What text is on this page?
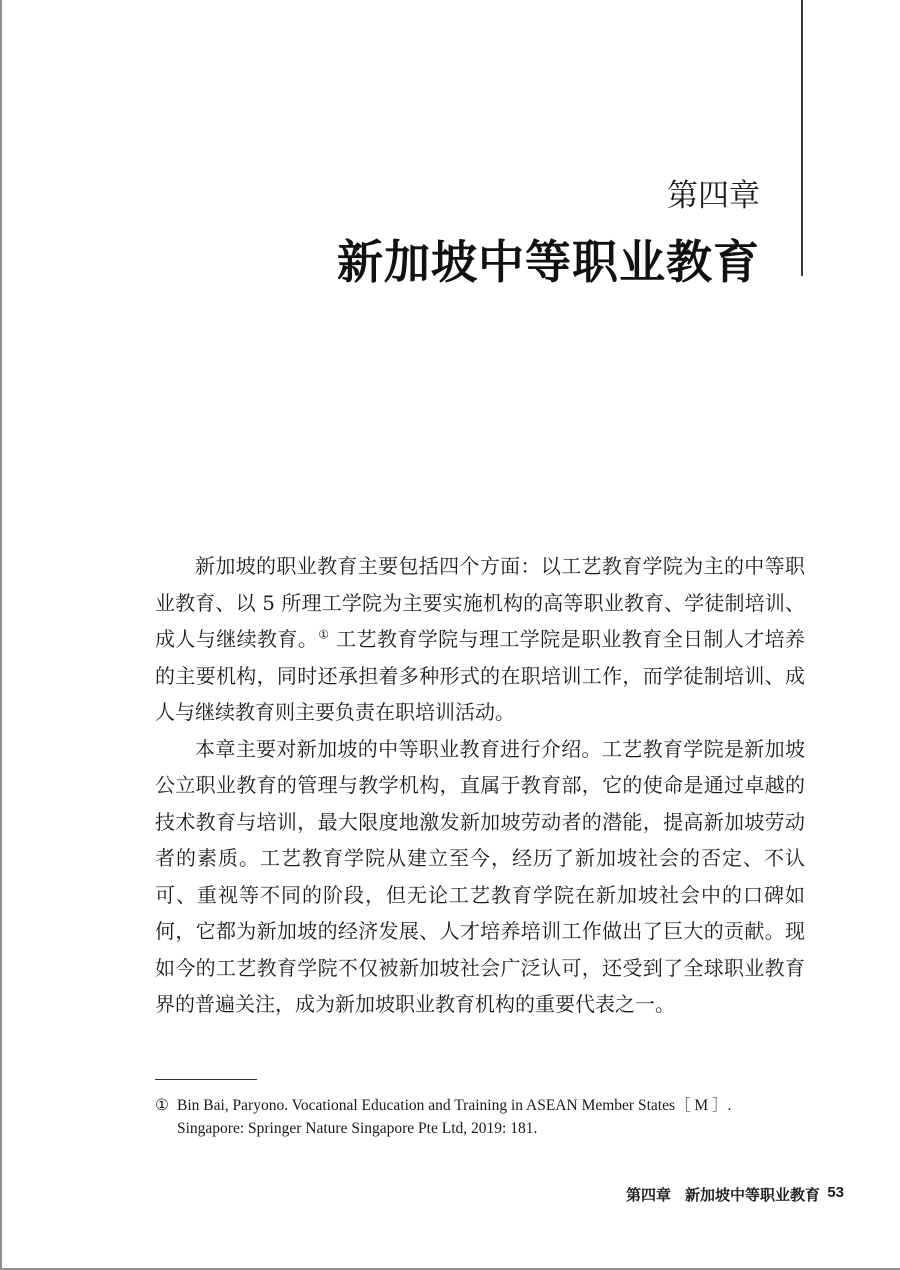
第四章
新加坡中等职业教育

新加坡的职业教育主要包括四个方面：以工艺教育学院为主的中等职业教育、以 5 所理工学院为主要实施机构的高等职业教育、学徒制培训、成人与继续教育。① 工艺教育学院与理工学院是职业教育全日制人才培养的主要机构，同时还承担着多种形式的在职培训工作，而学徒制培训、成人与继续教育则主要负责在职培训活动。

本章主要对新加坡的中等职业教育进行介绍。工艺教育学院是新加坡公立职业教育的管理与教学机构，直属于教育部，它的使命是通过卓越的技术教育与培训，最大限度地激发新加坡劳动者的潜能，提高新加坡劳动者的素质。工艺教育学院从建立至今，经历了新加坡社会的否定、不认可、重视等不同的阶段，但无论工艺教育学院在新加坡社会中的口碑如何，它都为新加坡的经济发展、人才培养培训工作做出了巨大的贡献。现如今的工艺教育学院不仅被新加坡社会广泛认可，还受到了全球职业教育界的普遍关注，成为新加坡职业教育机构的重要代表之一。

① Bin Bai, Paryono. Vocational Education and Training in ASEAN Member States［ M ］.
Singapore: Springer Nature Singapore Pte Ltd, 2019: 181.
第四章 新加坡中等职业教育 53
